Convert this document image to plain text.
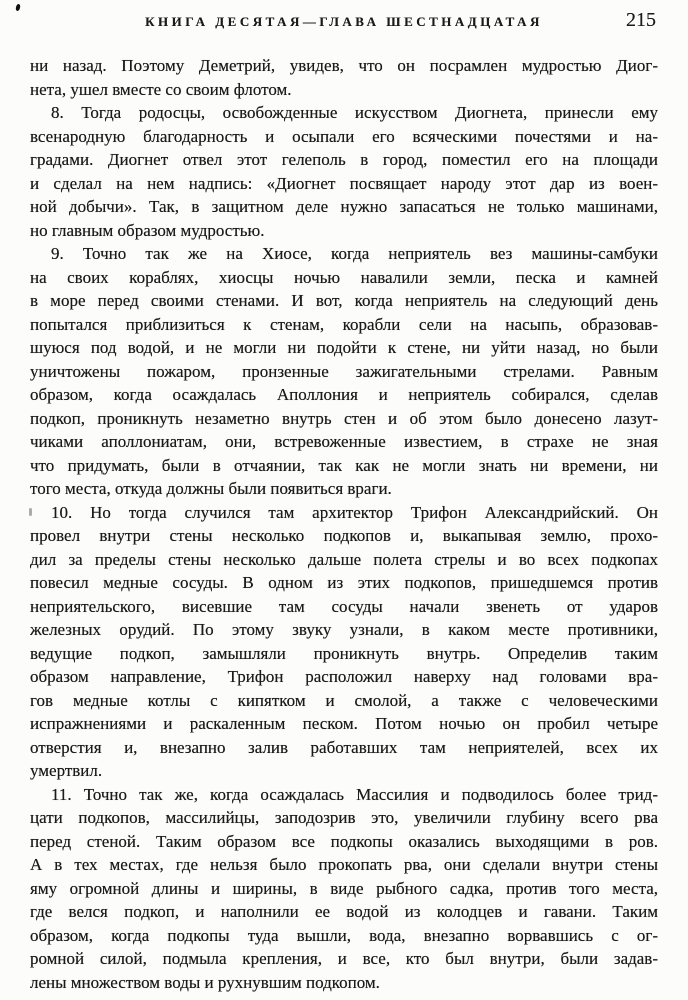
КНИГА ДЕСЯТАЯ—ГЛАВА ШЕСТНАДЦАТАЯ	215
ни назад. Поэтому Деметрий, увидев, что он посрамлен мудростью Диог-
нета, ушел вместе со своим флотом.
8. Тогда родосцы, освобожденные искусством Диогнета, принесли ему
всенародную благодарность и осыпали его всяческими почестями и на-
градами. Диогнет отвел этот гелеполь в город, поместил его на площади
и сделал на нем надпись: «Диогнет посвящает народу этот дар из воен-
ной добычи». Так, в защитном деле нужно запасаться не только машинами,
но главным образом мудростью.
9. Точно так же на Хиосе, когда неприятель вез машины-самбуки
на своих кораблях, хиосцы ночью навалили земли, песка и камней
в море перед своими стенами. И вот, когда неприятель на следующий день
попытался приблизиться к стенам, корабли сели на насыпь, образовав-
шуюся под водой, и не могли ни подойти к стене, ни уйти назад, но были
уничтожены пожаром, пронзенные зажигательными стрелами. Равным
образом, когда осаждалась Аполлония и неприятель собирался, сделав
подкоп, проникнуть незаметно внутрь стен и об этом было донесено лазут-
чиками аполлониатам, они, встревоженные известием, в страхе не зная
что придумать, были в отчаянии, так как не могли знать ни времени, ни
того места, откуда должны были появиться враги.
10. Но тогда случился там архитектор Трифон Александрийский. Он
провел внутри стены несколько подкопов и, выкапывая землю, прохо-
дил за пределы стены несколько дальше полета стрелы и во всех подкопах
повесил медные сосуды. В одном из этих подкопов, пришедшемся против
неприятельского, висевшие там сосуды начали звенеть от ударов
железных орудий. По этому звуку узнали, в каком месте противники,
ведущие подкоп, замышляли проникнуть внутрь. Определив таким
образом направление, Трифон расположил наверху над головами вра-
гов медные котлы с кипятком и смолой, а также с человеческими
испражнениями и раскаленным песком. Потом ночью он пробил четыре
отверстия и, внезапно залив работавших там неприятелей, всех их
умертвил.
11. Точно так же, когда осаждалась Массилия и подводилось более трид-
цати подкопов, массилийцы, заподозрив это, увеличили глубину всего рва
перед стеной. Таким образом все подкопы оказались выходящими в ров.
А в тех местах, где нельзя было прокопать рва, они сделали внутри стены
яму огромной длины и ширины, в виде рыбного садка, против того места,
где велся подкоп, и наполнили ее водой из колодцев и гавани. Таким
образом, когда подкопы туда вышли, вода, внезапно ворвавшись с ог-
ромной силой, подмыла крепления, и все, кто был внутри, были задав-
лены множеством воды и рухнувшим подкопом.
